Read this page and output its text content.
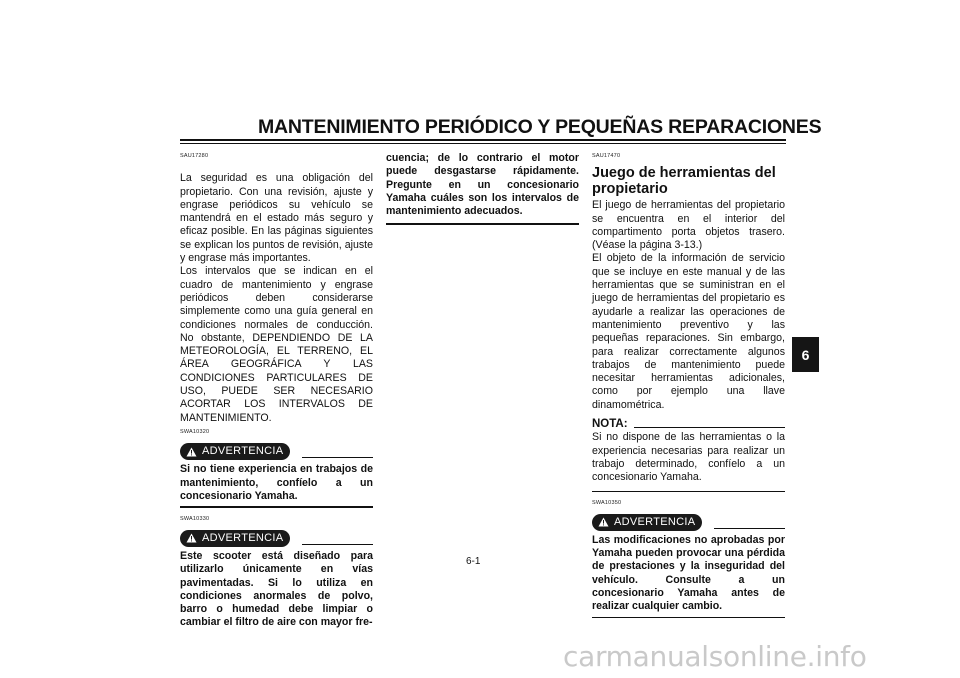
MANTENIMIENTO PERIÓDICO Y PEQUEÑAS REPARACIONES

SAU17280

La seguridad es una obligación del propietario. Con una revisión, ajuste y engrase periódicos su vehículo se mantendrá en el estado más seguro y eficaz posible. En las páginas siguientes se explican los puntos de revisión, ajuste y engrase más importantes.

Los intervalos que se indican en el cuadro de mantenimiento y engrase periódicos deben considerarse simplemente como una guía general en condiciones normales de conducción. No obstante, DEPENDIENDO DE LA METEOROLOGÍA, EL TERRENO, EL ÁREA GEOGRÁFICA Y LAS CONDICIONES PARTICULARES DE USO, PUEDE SER NECESARIO ACORTAR LOS INTERVALOS DE MANTENIMIENTO.

SWA10320

ADVERTENCIA

Si no tiene experiencia en trabajos de mantenimiento, confíelo a un concesionario Yamaha.

SWA10330

ADVERTENCIA

Este scooter está diseñado para utilizarlo únicamente en vías pavimentadas. Si lo utiliza en condiciones anormales de polvo, barro o humedad debe limpiar o cambiar el filtro de aire con mayor fre-

cuencia; de lo contrario el motor puede desgastarse rápidamente. Pregunte en un concesionario Yamaha cuáles son los intervalos de mantenimiento adecuados.

SAU17470

Juego de herramientas del propietario

El juego de herramientas del propietario se encuentra en el interior del compartimento porta objetos trasero. (Véase la página 3-13.)

El objeto de la información de servicio que se incluye en este manual y de las herramientas que se suministran en el juego de herramientas del propietario es ayudarle a realizar las operaciones de mantenimiento preventivo y las pequeñas reparaciones. Sin embargo, para realizar correctamente algunos trabajos de mantenimiento puede necesitar herramientas adicionales, como por ejemplo una llave dinamométrica.

NOTA:

Si no dispone de las herramientas o la experiencia necesarias para realizar un trabajo determinado, confíelo a un concesionario Yamaha.

SWA10350

ADVERTENCIA

Las modificaciones no aprobadas por Yamaha pueden provocar una pérdida de prestaciones y la inseguridad del vehículo. Consulte a un concesionario Yamaha antes de realizar cualquier cambio.

6
6-1
carmanualsonline.info
